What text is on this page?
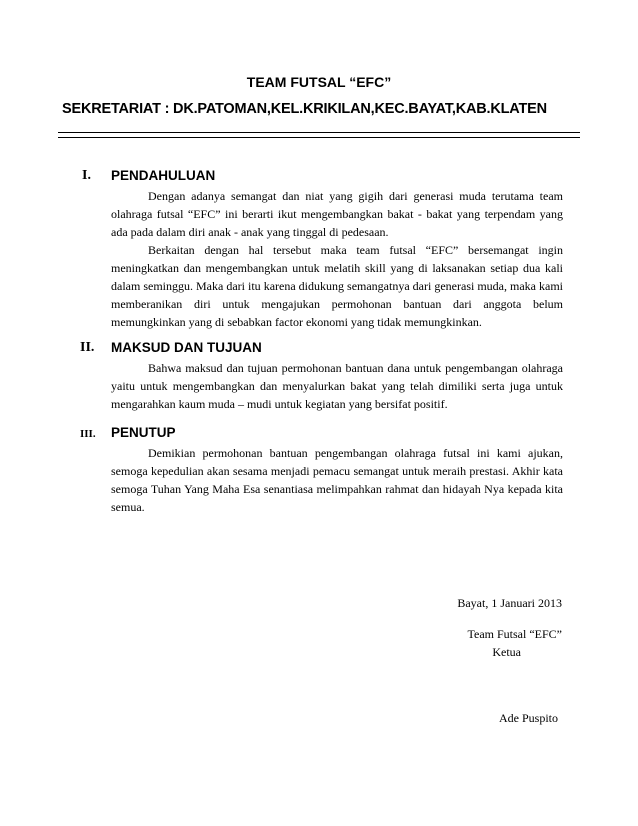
TEAM FUTSAL “EFC”
SEKRETARIAT : DK.PATOMAN,KEL.KRIKILAN,KEC.BAYAT,KAB.KLATEN
I. PENDAHULUAN

Dengan adanya semangat dan niat yang gigih dari generasi muda terutama team olahraga futsal “EFC” ini berarti ikut mengembangkan bakat - bakat yang terpendam yang ada pada dalam diri anak - anak yang tinggal di pedesaan.

Berkaitan dengan hal tersebut maka team futsal “EFC” bersemangat ingin meningkatkan dan mengembangkan untuk melatih skill yang di laksanakan setiap dua kali dalam seminggu. Maka dari itu karena didukung semangatnya dari generasi muda, maka kami memberanikan diri untuk mengajukan permohonan bantuan dari anggota belum memungkinkan yang di sebabkan factor ekonomi yang tidak memungkinkan.

II. MAKSUD DAN TUJUAN

Bahwa maksud dan tujuan permohonan bantuan dana untuk pengembangan olahraga yaitu untuk mengembangkan dan menyalurkan bakat yang telah dimiliki serta juga untuk mengarahkan kaum muda – mudi untuk kegiatan yang bersifat positif.

III. PENUTUP

Demikian permohonan bantuan pengembangan olahraga futsal ini kami ajukan, semoga kepedulian akan sesama menjadi pemacu semangat untuk meraih prestasi. Akhir kata semoga Tuhan Yang Maha Esa senantiasa melimpahkan rahmat dan hidayah Nya kepada kita semua.

Bayat, 1 Januari 2013
Team Futsal “EFC”
Ketua
Ade Puspito
